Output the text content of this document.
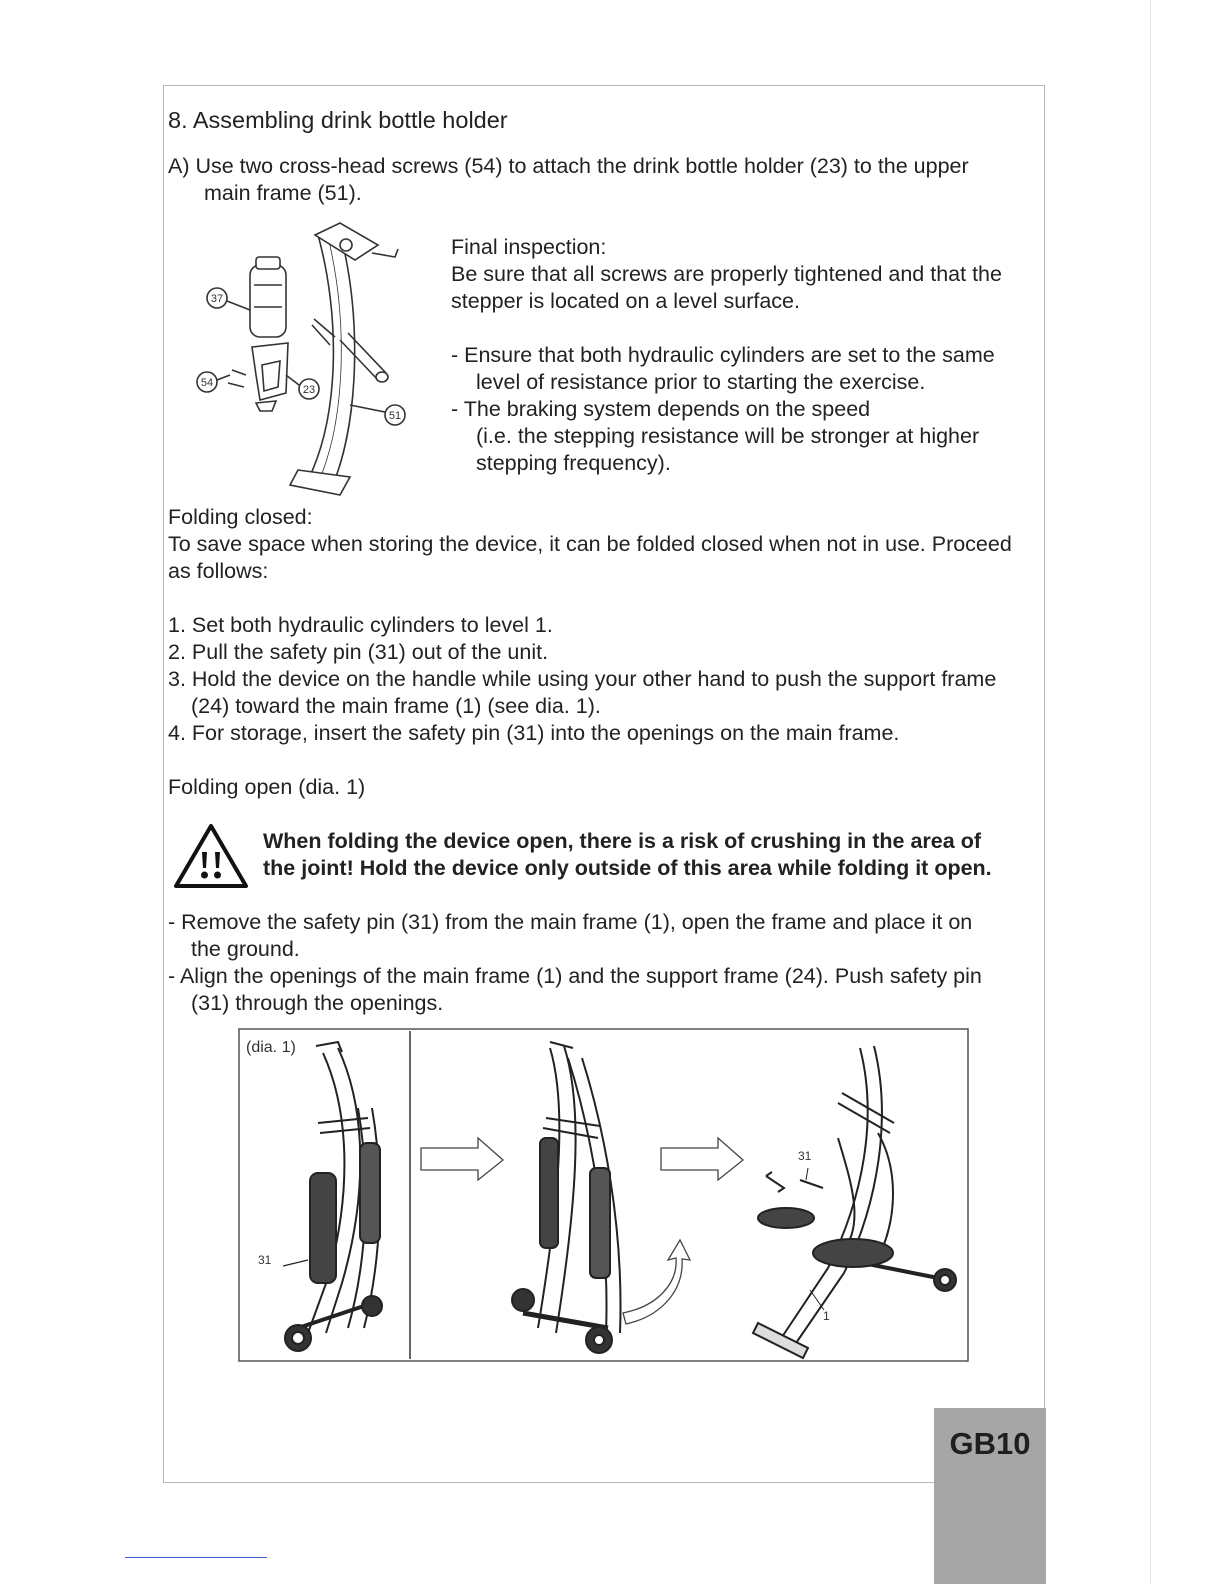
8. Assembling drink bottle holder

A) Use two cross-head screws (54) to attach the drink bottle holder (23) to the upper

main frame (51).

37
54
23
51

Final inspection:

Be sure that all screws are properly tightened and that the

stepper is located on a level surface.

- Ensure that both hydraulic cylinders are set to the same

level of resistance prior to starting the exercise.

- The braking system depends on the speed

(i.e. the stepping resistance will be stronger at higher

stepping frequency).

Folding closed:

To save space when storing the device, it can be folded closed when not in use. Proceed

as follows:

1. Set both hydraulic cylinders to level 1.

2. Pull the safety pin (31) out of the unit.

3. Hold the device on the handle while using your other hand to push the support frame

(24) toward the main frame (1) (see dia. 1).

4. For storage, insert the safety pin (31) into the openings on the main frame.

Folding open (dia. 1)

When folding the device open, there is a risk of crushing in the area of

the joint! Hold the device only outside of this area while folding it open.

- Remove the safety pin (31) from the main frame (1), open the frame and place it on

the ground.

- Align the openings of the main frame (1) and the support frame (24). Push safety pin

(31) through the openings.

(dia. 1)
31
31
1
GB10
